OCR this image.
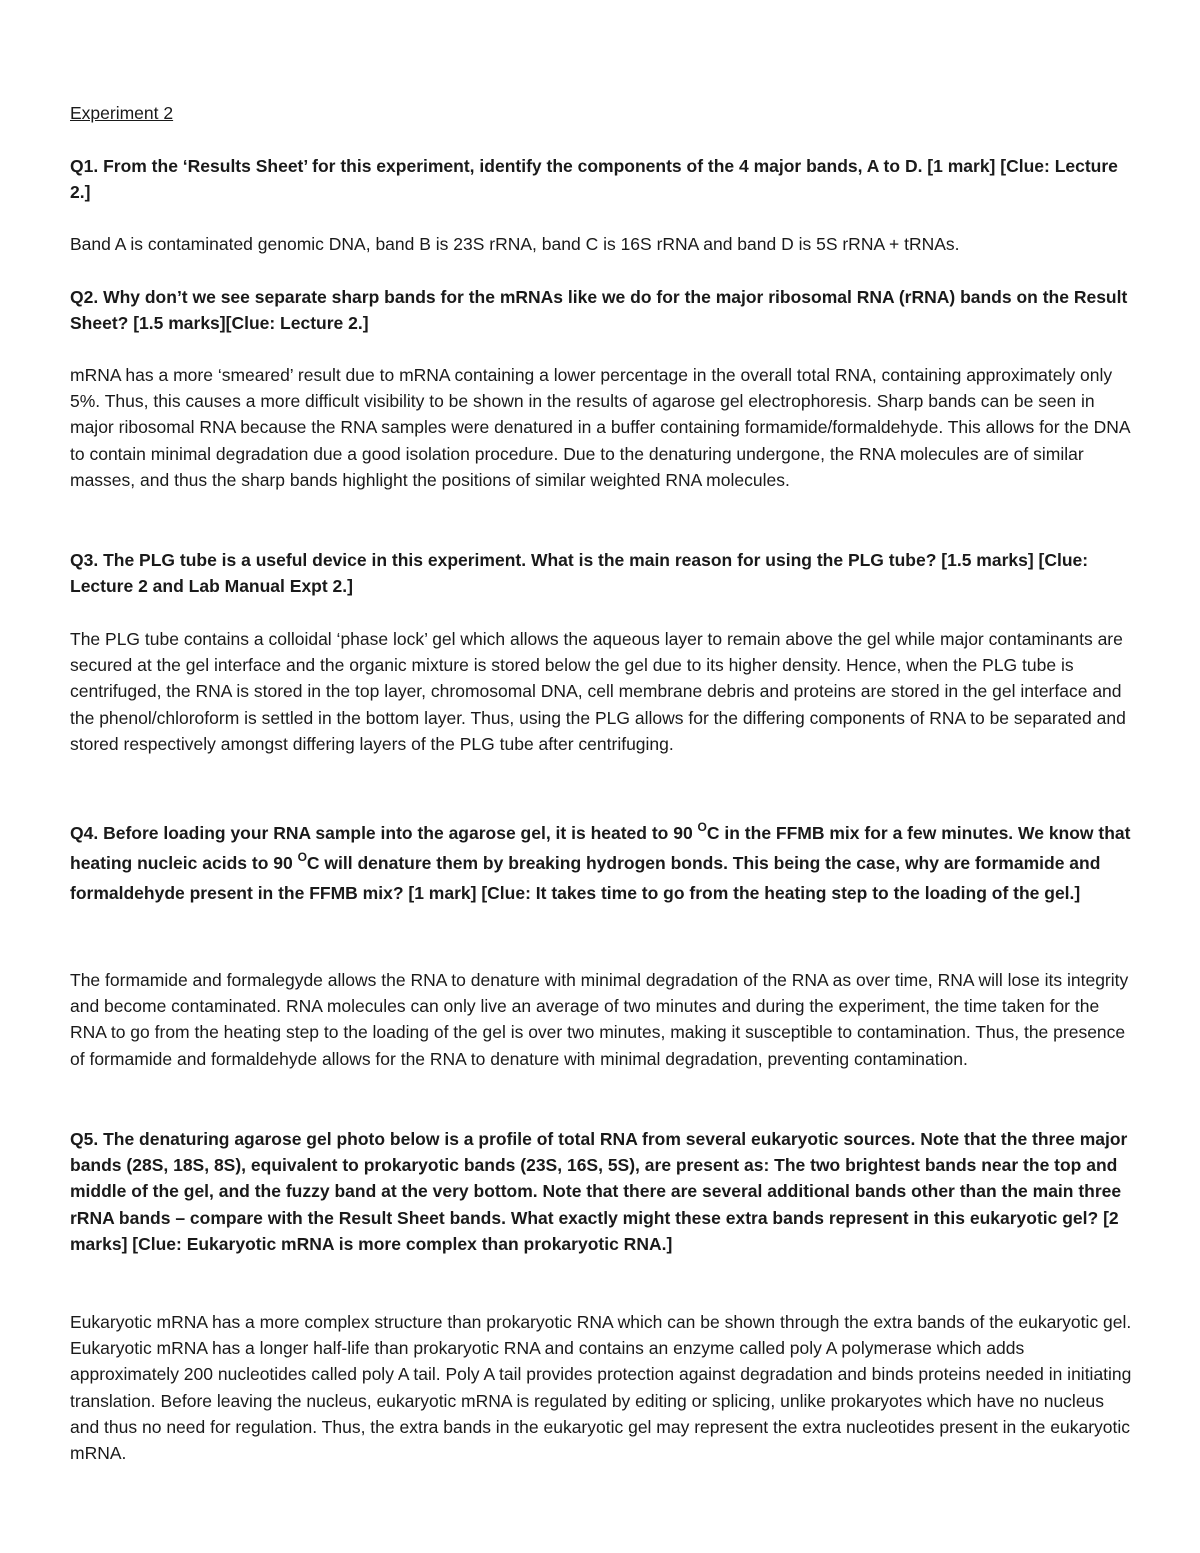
Experiment 2

Q1. From the ‘Results Sheet’ for this experiment, identify the components of the 4 major bands, A to D. [1 mark] [Clue: Lecture 2.]

Band A is contaminated genomic DNA, band B is 23S rRNA, band C is 16S rRNA and band D is 5S rRNA + tRNAs.

Q2. Why don’t we see separate sharp bands for the mRNAs like we do for the major ribosomal RNA (rRNA) bands on the Result Sheet? [1.5 marks][Clue: Lecture 2.]

mRNA has a more ‘smeared’ result due to mRNA containing a lower percentage in the overall total RNA, containing approximately only 5%. Thus, this causes a more difficult visibility to be shown in the results of agarose gel electrophoresis. Sharp bands can be seen in major ribosomal RNA because the RNA samples were denatured in a buffer containing formamide/formaldehyde. This allows for the DNA to contain minimal degradation due a good isolation procedure. Due to the denaturing undergone, the RNA molecules are of similar masses, and thus the sharp bands highlight the positions of similar weighted RNA molecules.

Q3. The PLG tube is a useful device in this experiment. What is the main reason for using the PLG tube? [1.5 marks] [Clue: Lecture 2 and Lab Manual Expt 2.]

The PLG tube contains a colloidal ‘phase lock’ gel which allows the aqueous layer to remain above the gel while major contaminants are secured at the gel interface and the organic mixture is stored below the gel due to its higher density. Hence, when the PLG tube is centrifuged, the RNA is stored in the top layer, chromosomal DNA, cell membrane debris and proteins are stored in the gel interface and the phenol/chloroform is settled in the bottom layer. Thus, using the PLG allows for the differing components of RNA to be separated and stored respectively amongst differing layers of the PLG tube after centrifuging.

Q4. Before loading your RNA sample into the agarose gel, it is heated to 90 $^O$C in the FFMB mix for a few minutes. We know that heating nucleic acids to 90 $^O$C will denature them by breaking hydrogen bonds. This being the case, why are formamide and formaldehyde present in the FFMB mix? [1 mark] [Clue: It takes time to go from the heating step to the loading of the gel.]

The formamide and formalegyde allows the RNA to denature with minimal degradation of the RNA as over time, RNA will lose its integrity and become contaminated. RNA molecules can only live an average of two minutes and during the experiment, the time taken for the RNA to go from the heating step to the loading of the gel is over two minutes, making it susceptible to contamination. Thus, the presence of formamide and formaldehyde allows for the RNA to denature with minimal degradation, preventing contamination.

Q5. The denaturing agarose gel photo below is a profile of total RNA from several eukaryotic sources. Note that the three major bands (28S, 18S, 8S), equivalent to prokaryotic bands (23S, 16S, 5S), are present as: The two brightest bands near the top and middle of the gel, and the fuzzy band at the very bottom. Note that there are several additional bands other than the main three rRNA bands – compare with the Result Sheet bands. What exactly might these extra bands represent in this eukaryotic gel? [2 marks] [Clue: Eukaryotic mRNA is more complex than prokaryotic RNA.]

Eukaryotic mRNA has a more complex structure than prokaryotic RNA which can be shown through the extra bands of the eukaryotic gel. Eukaryotic mRNA has a longer half-life than prokaryotic RNA and contains an enzyme called poly A polymerase which adds approximately 200 nucleotides called poly A tail. Poly A tail provides protection against degradation and binds proteins needed in initiating translation. Before leaving the nucleus, eukaryotic mRNA is regulated by editing or splicing, unlike prokaryotes which have no nucleus and thus no need for regulation. Thus, the extra bands in the eukaryotic gel may represent the extra nucleotides present in the eukaryotic mRNA.
